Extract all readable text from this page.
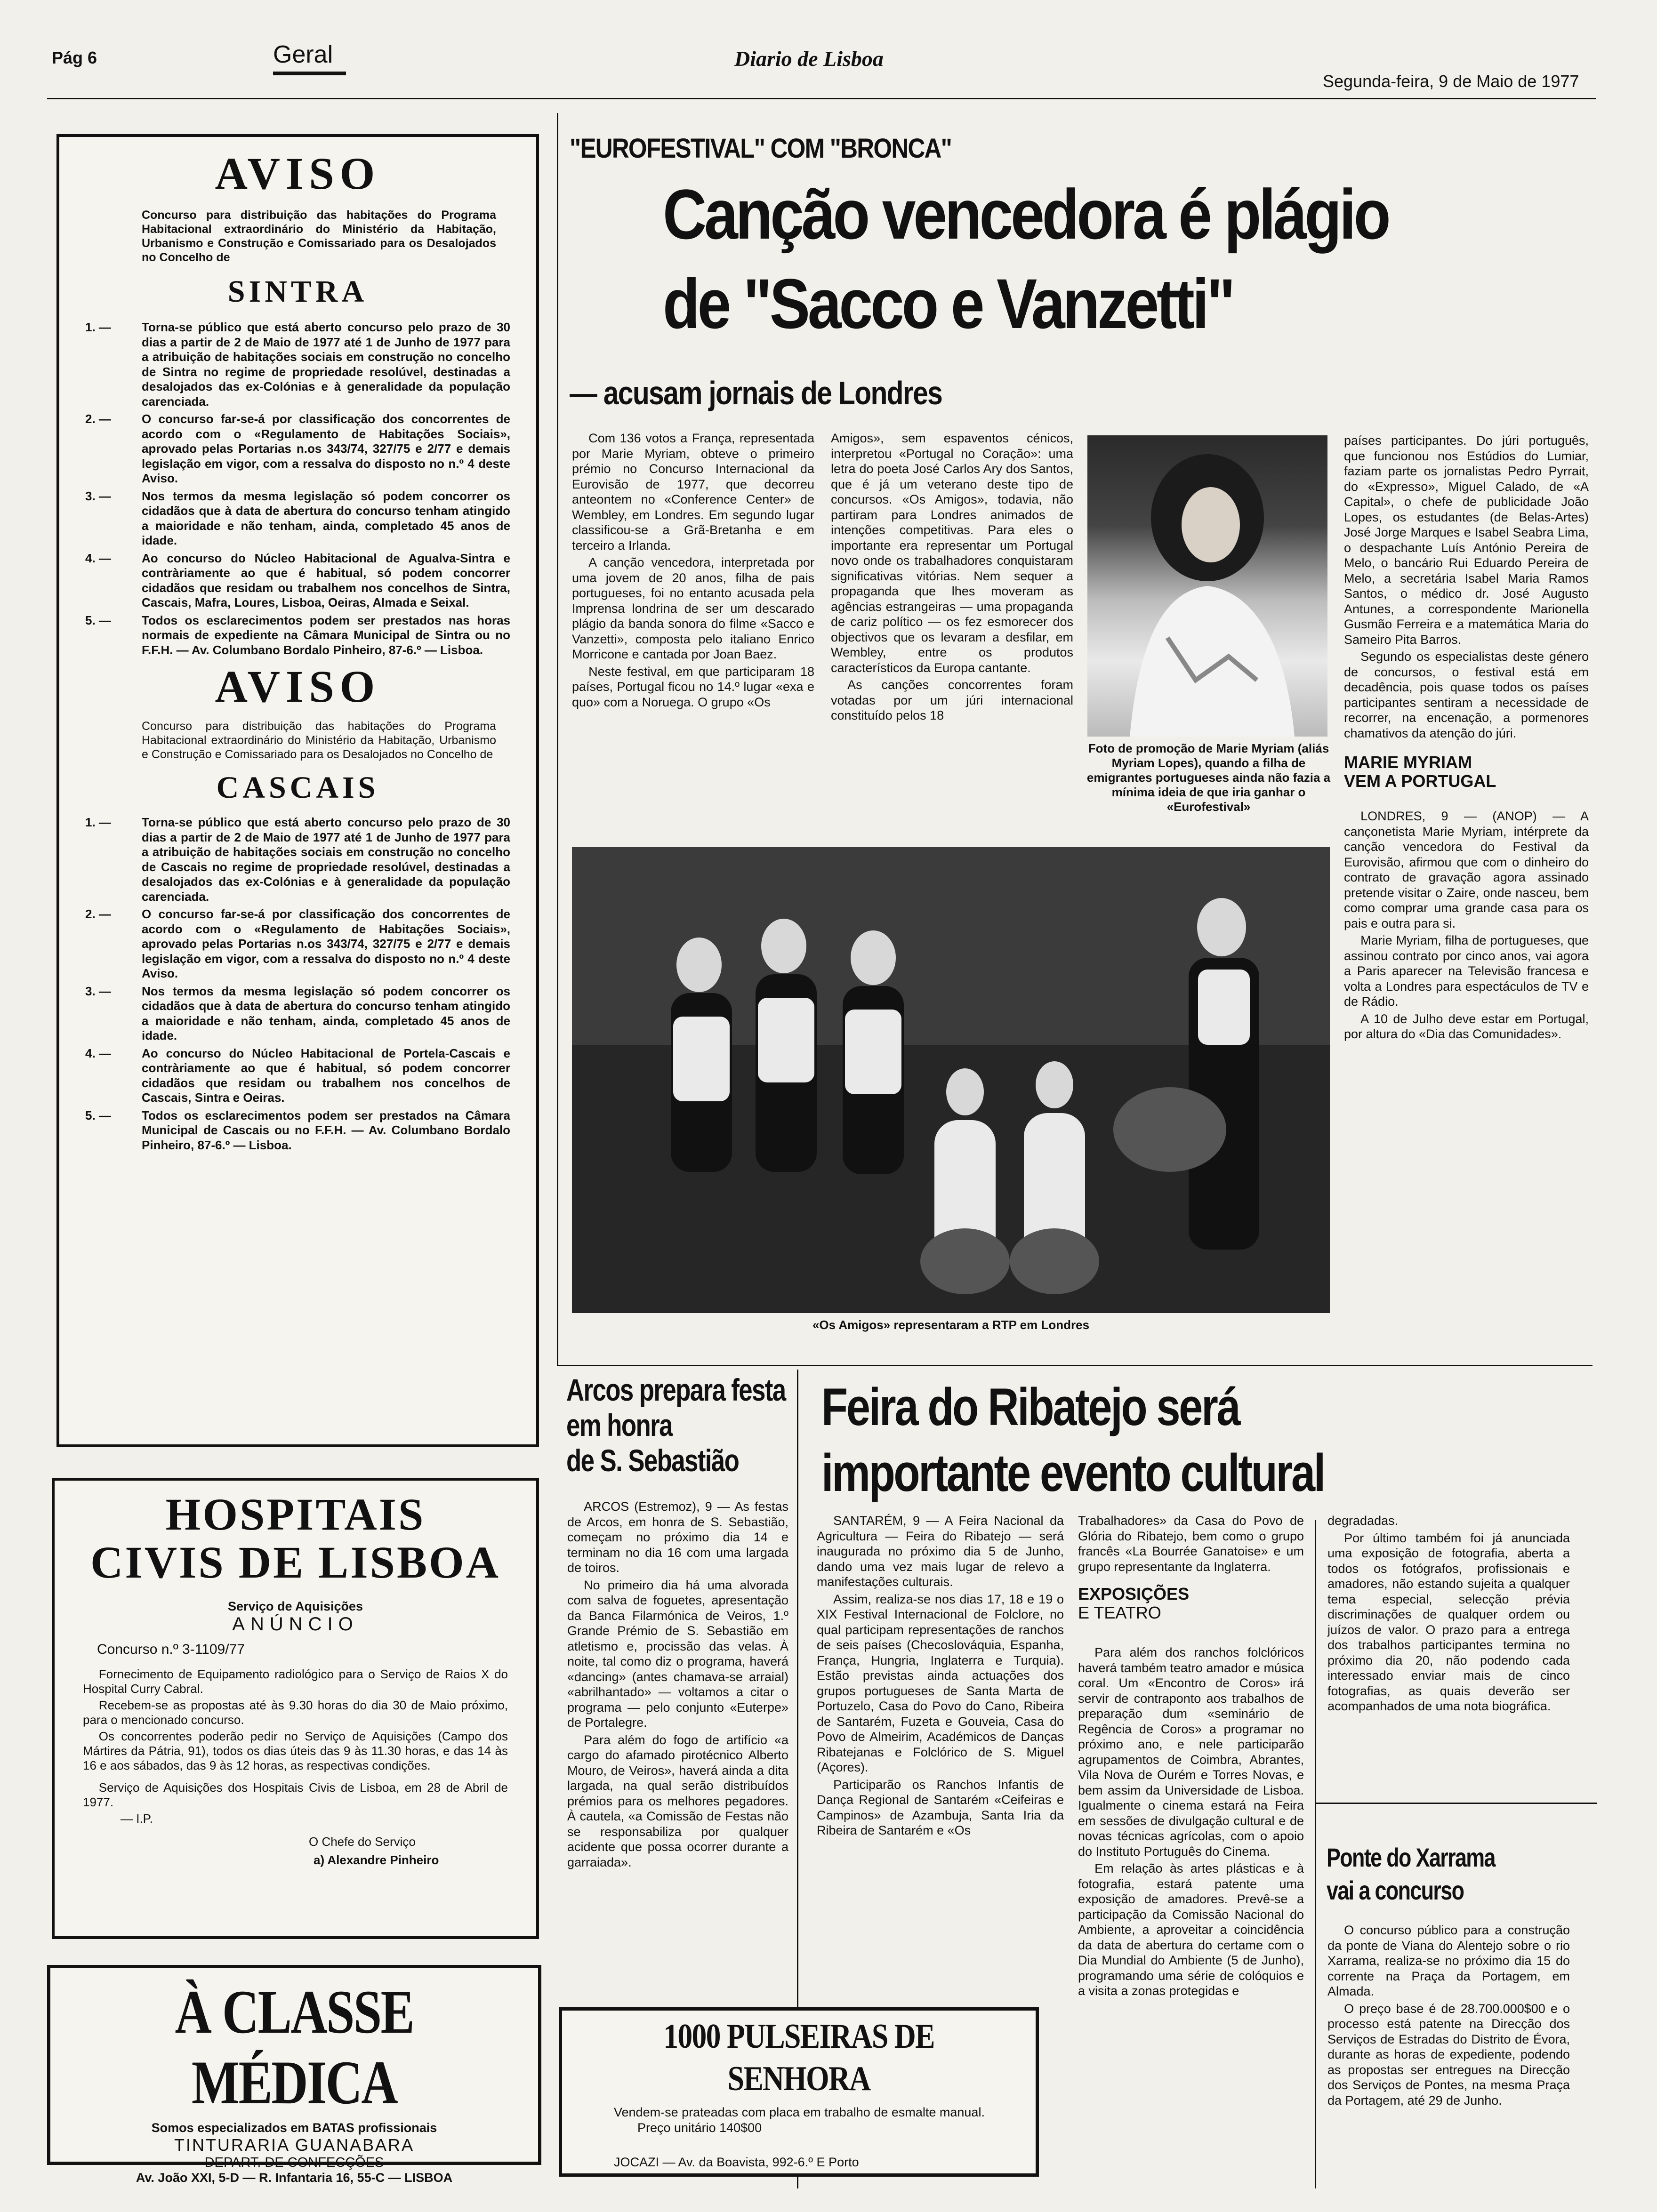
Pág 6	Geral	Diario de Lisboa
Segunda-feira, 9 de Maio de 1977
AVISO
Concurso para distribuição das habitações do Programa Habitacional extraordinário do Ministério da Habitação, Urbanismo e Construção e Comissariado para os Desalojados no Concelho de
SINTRA
1. —	Torna-se público que está aberto concurso pelo prazo de 30 dias a partir de 2 de Maio de 1977 até 1 de Junho de 1977 para a atribuição de habitações sociais em construção no concelho de Sintra no regime de propriedade resolúvel, destinadas a desalojados das ex-Colónias e à generalidade da população carenciada.
2. —	O concurso far-se-á por classificação dos concorrentes de acordo com o «Regulamento de Habitações Sociais», aprovado pelas Portarias n.os 343/74, 327/75 e 2/77 e demais legislação em vigor, com a ressalva do disposto no n.º 4 deste Aviso.
3. —	Nos termos da mesma legislação só podem concorrer os cidadãos que à data de abertura do concurso tenham atingido a maioridade e não tenham, ainda, completado 45 anos de idade.
4. —	Ao concurso do Núcleo Habitacional de Agualva-Sintra e contràriamente ao que é habitual, só podem concorrer cidadãos que residam ou trabalhem nos concelhos de Sintra, Cascais, Mafra, Loures, Lisboa, Oeiras, Almada e Seixal.
5. —	Todos os esclarecimentos podem ser prestados nas horas normais de expediente na Câmara Municipal de Sintra ou no F.F.H. — Av. Columbano Bordalo Pinheiro, 87-6.º — Lisboa.
AVISO
Concurso para distribuição das habitações do Programa Habitacional extraordinário do Ministério da Habitação, Urbanismo e Construção e Comissariado para os Desalojados no Concelho de
CASCAIS
1. —	Torna-se público que está aberto concurso pelo prazo de 30 dias a partir de 2 de Maio de 1977 até 1 de Junho de 1977 para a atribuição de habitações sociais em construção no concelho de Cascais no regime de propriedade resolúvel, destinadas a desalojados das ex-Colónias e à generalidade da população carenciada.
2. —	O concurso far-se-á por classificação dos concorrentes de acordo com o «Regulamento de Habitações Sociais», aprovado pelas Portarias n.os 343/74, 327/75 e 2/77 e demais legislação em vigor, com a ressalva do disposto no n.º 4 deste Aviso.
3. —	Nos termos da mesma legislação só podem concorrer os cidadãos que à data de abertura do concurso tenham atingido a maioridade e não tenham, ainda, completado 45 anos de idade.
4. —	Ao concurso do Núcleo Habitacional de Portela-Cascais e contràriamente ao que é habitual, só podem concorrer cidadãos que residam ou trabalhem nos concelhos de Cascais, Sintra e Oeiras.
5. —	Todos os esclarecimentos podem ser prestados na Câmara Municipal de Cascais ou no F.F.H. — Av. Columbano Bordalo Pinheiro, 87-6.º — Lisboa.
HOSPITAIS
CIVIS DE LISBOA
Serviço de Aquisições
ANÚNCIO
Concurso n.º 3-1109/77

Fornecimento de Equipamento radiológico para o Serviço de Raios X do Hospital Curry Cabral.

Recebem-se as propostas até às 9.30 horas do dia 30 de Maio próximo, para o mencionado concurso.

Os concorrentes poderão pedir no Serviço de Aquisições (Campo dos Mártires da Pátria, 91), todos os dias úteis das 9 às 11.30 horas, e das 14 às 16 e aos sábados, das 9 às 12 horas, as respectivas condições.

Serviço de Aquisições dos Hospitais Civis de Lisboa, em 28 de Abril de 1977.

— I.P.
O Chefe do Serviço
a) Alexandre Pinheiro
À CLASSE MÉDICA
Somos especializados em BATAS profissionais
TINTURARIA GUANABARA
DEPART. DE CONFECÇÕES
Av. João XXI, 5-D — R. Infantaria 16, 55-C — LISBOA
"EUROFESTIVAL" COM "BRONCA"
Canção vencedora é plágio
de "Sacco e Vanzetti"
— acusam jornais de Londres

Com 136 votos a França, representada por Marie Myriam, obteve o primeiro prémio no Concurso Internacional da Eurovisão de 1977, que decorreu anteontem no «Conference Center» de Wembley, em Londres. Em segundo lugar classificou-se a Grã-Bretanha e em terceiro a Irlanda.

A canção vencedora, interpretada por uma jovem de 20 anos, filha de pais portugueses, foi no entanto acusada pela Imprensa londrina de ser um descarado plágio da banda sonora do filme «Sacco e Vanzetti», composta pelo italiano Enrico Morricone e cantada por Joan Baez.

Neste festival, em que participaram 18 países, Portugal ficou no 14.º lugar «exa e quo» com a Noruega. O grupo «Os

Amigos», sem espaventos cénicos, interpretou «Portugal no Coração»: uma letra do poeta José Carlos Ary dos Santos, que é já um veterano deste tipo de concursos. «Os Amigos», todavia, não partiram para Londres animados de intenções competitivas. Para eles o importante era representar um Portugal novo onde os trabalhadores conquistaram significativas vitórias. Nem sequer a propaganda que lhes moveram as agências estrangeiras — uma propaganda de cariz político — os fez esmorecer dos objectivos que os levaram a desfilar, em Wembley, entre os produtos característicos da Europa cantante.

As canções concorrentes foram votadas por um júri internacional constituído pelos 18

Foto de promoção de Marie Myriam (aliás Myriam Lopes), quando a filha de emigrantes portugueses ainda não fazia a mínima ideia de que iria ganhar o «Eurofestival»

países participantes. Do júri português, que funcionou nos Estúdios do Lumiar, faziam parte os jornalistas Pedro Pyrrait, do «Expresso», Miguel Calado, de «A Capital», o chefe de publicidade João Lopes, os estudantes (de Belas-Artes) José Jorge Marques e Isabel Seabra Lima, o despachante Luís António Pereira de Melo, o bancário Rui Eduardo Pereira de Melo, a secretária Isabel Maria Ramos Santos, o médico dr. José Augusto Antunes, a correspondente Marionella Gusmão Ferreira e a matemática Maria do Sameiro Pita Barros.

Segundo os especialistas deste género de concursos, o festival está em decadência, pois quase todos os países participantes sentiram a necessidade de recorrer, na encenação, a pormenores chamativos da atenção do júri.

MARIE MYRIAM
VEM A PORTUGAL

LONDRES, 9 — (ANOP) — A cançonetista Marie Myriam, intérprete da canção vencedora do Festival da Eurovisão, afirmou que com o dinheiro do contrato de gravação agora assinado pretende visitar o Zaire, onde nasceu, bem como comprar uma grande casa para os pais e outra para si.

Marie Myriam, filha de portugueses, que assinou contrato por cinco anos, vai agora a Paris aparecer na Televisão francesa e volta a Londres para espectáculos de TV e de Rádio.

A 10 de Julho deve estar em Portugal, por altura do «Dia das Comunidades».

«Os Amigos» representaram a RTP em Londres
Arcos prepara festa
em honra
de S. Sebastião

ARCOS (Estremoz), 9 — As festas de Arcos, em honra de S. Sebastião, começam no próximo dia 14 e terminam no dia 16 com uma largada de toiros.

No primeiro dia há uma alvorada com salva de foguetes, apresentação da Banca Filarmónica de Veiros, 1.º Grande Prémio de S. Sebastião em atletismo e, procissão das velas. À noite, tal como diz o programa, haverá «dancing» (antes chamava-se arraial) «abrilhantado» — voltamos a citar o programa — pelo conjunto «Euterpe» de Portalegre.

Para além do fogo de artifício «a cargo do afamado pirotécnico Alberto Mouro, de Veiros», haverá ainda a dita largada, na qual serão distribuídos prémios para os melhores pegadores. À cautela, «a Comissão de Festas não se responsabiliza por qualquer acidente que possa ocorrer durante a garraiada».

Feira do Ribatejo será
importante evento cultural

SANTARÉM, 9 — A Feira Nacional da Agricultura — Feira do Ribatejo — será inaugurada no próximo dia 5 de Junho, dando uma vez mais lugar de relevo a manifestações culturais.

Assim, realiza-se nos dias 17, 18 e 19 o XIX Festival Internacional de Folclore, no qual participam representações de ranchos de seis países (Checoslováquia, Espanha, França, Hungria, Inglaterra e Turquia). Estão previstas ainda actuações dos grupos portugueses de Santa Marta de Portuzelo, Casa do Povo do Cano, Ribeira de Santarém, Fuzeta e Gouveia, Casa do Povo de Almeirim, Académicos de Danças Ribatejanas e Folclórico de S. Miguel (Açores).

Participarão os Ranchos Infantis de Dança Regional de Santarém «Ceifeiras e Campinos» de Azambuja, Santa Iria da Ribeira de Santarém e «Os

Trabalhadores» da Casa do Povo de Glória do Ribatejo, bem como o grupo francês «La Bourrée Ganatoise» e um grupo representante da Inglaterra.

EXPOSIÇÕES
E TEATRO

Para além dos ranchos folclóricos haverá também teatro amador e música coral. Um «Encontro de Coros» irá servir de contraponto aos trabalhos de preparação dum «seminário de Regência de Coros» a programar no próximo ano, e nele participarão agrupamentos de Coimbra, Abrantes, Vila Nova de Ourém e Torres Novas, e bem assim da Universidade de Lisboa. Igualmente o cinema estará na Feira em sessões de divulgação cultural e de novas técnicas agrícolas, com o apoio do Instituto Português do Cinema.

Em relação às artes plásticas e à fotografia, estará patente uma exposição de amadores. Prevê-se a participação da Comissão Nacional do Ambiente, a aproveitar a coincidência da data de abertura do certame com o Dia Mundial do Ambiente (5 de Junho), programando uma série de colóquios e a visita a zonas protegidas e

degradadas.

Por último também foi já anunciada uma exposição de fotografia, aberta a todos os fotógrafos, profissionais e amadores, não estando sujeita a qualquer tema especial, selecção prévia discriminações de qualquer ordem ou juízos de valor. O prazo para a entrega dos trabalhos participantes termina no próximo dia 20, não podendo cada interessado enviar mais de cinco fotografias, as quais deverão ser acompanhados de uma nota biográfica.

1000 PULSEIRAS DE SENHORA
Vendem-se prateadas com placa em trabalho de esmalte manual.
Preço unitário 140$00
JOCAZI — Av. da Boavista, 992-6.º E Porto
Ponte do Xarrama
vai a concurso

O concurso público para a construção da ponte de Viana do Alentejo sobre o rio Xarrama, realiza-se no próximo dia 15 do corrente na Praça da Portagem, em Almada.

O preço base é de 28.700.000$00 e o processo está patente na Direcção dos Serviços de Estradas do Distrito de Évora, durante as horas de expediente, podendo as propostas ser entregues na Direcção dos Serviços de Pontes, na mesma Praça da Portagem, até 29 de Junho.
